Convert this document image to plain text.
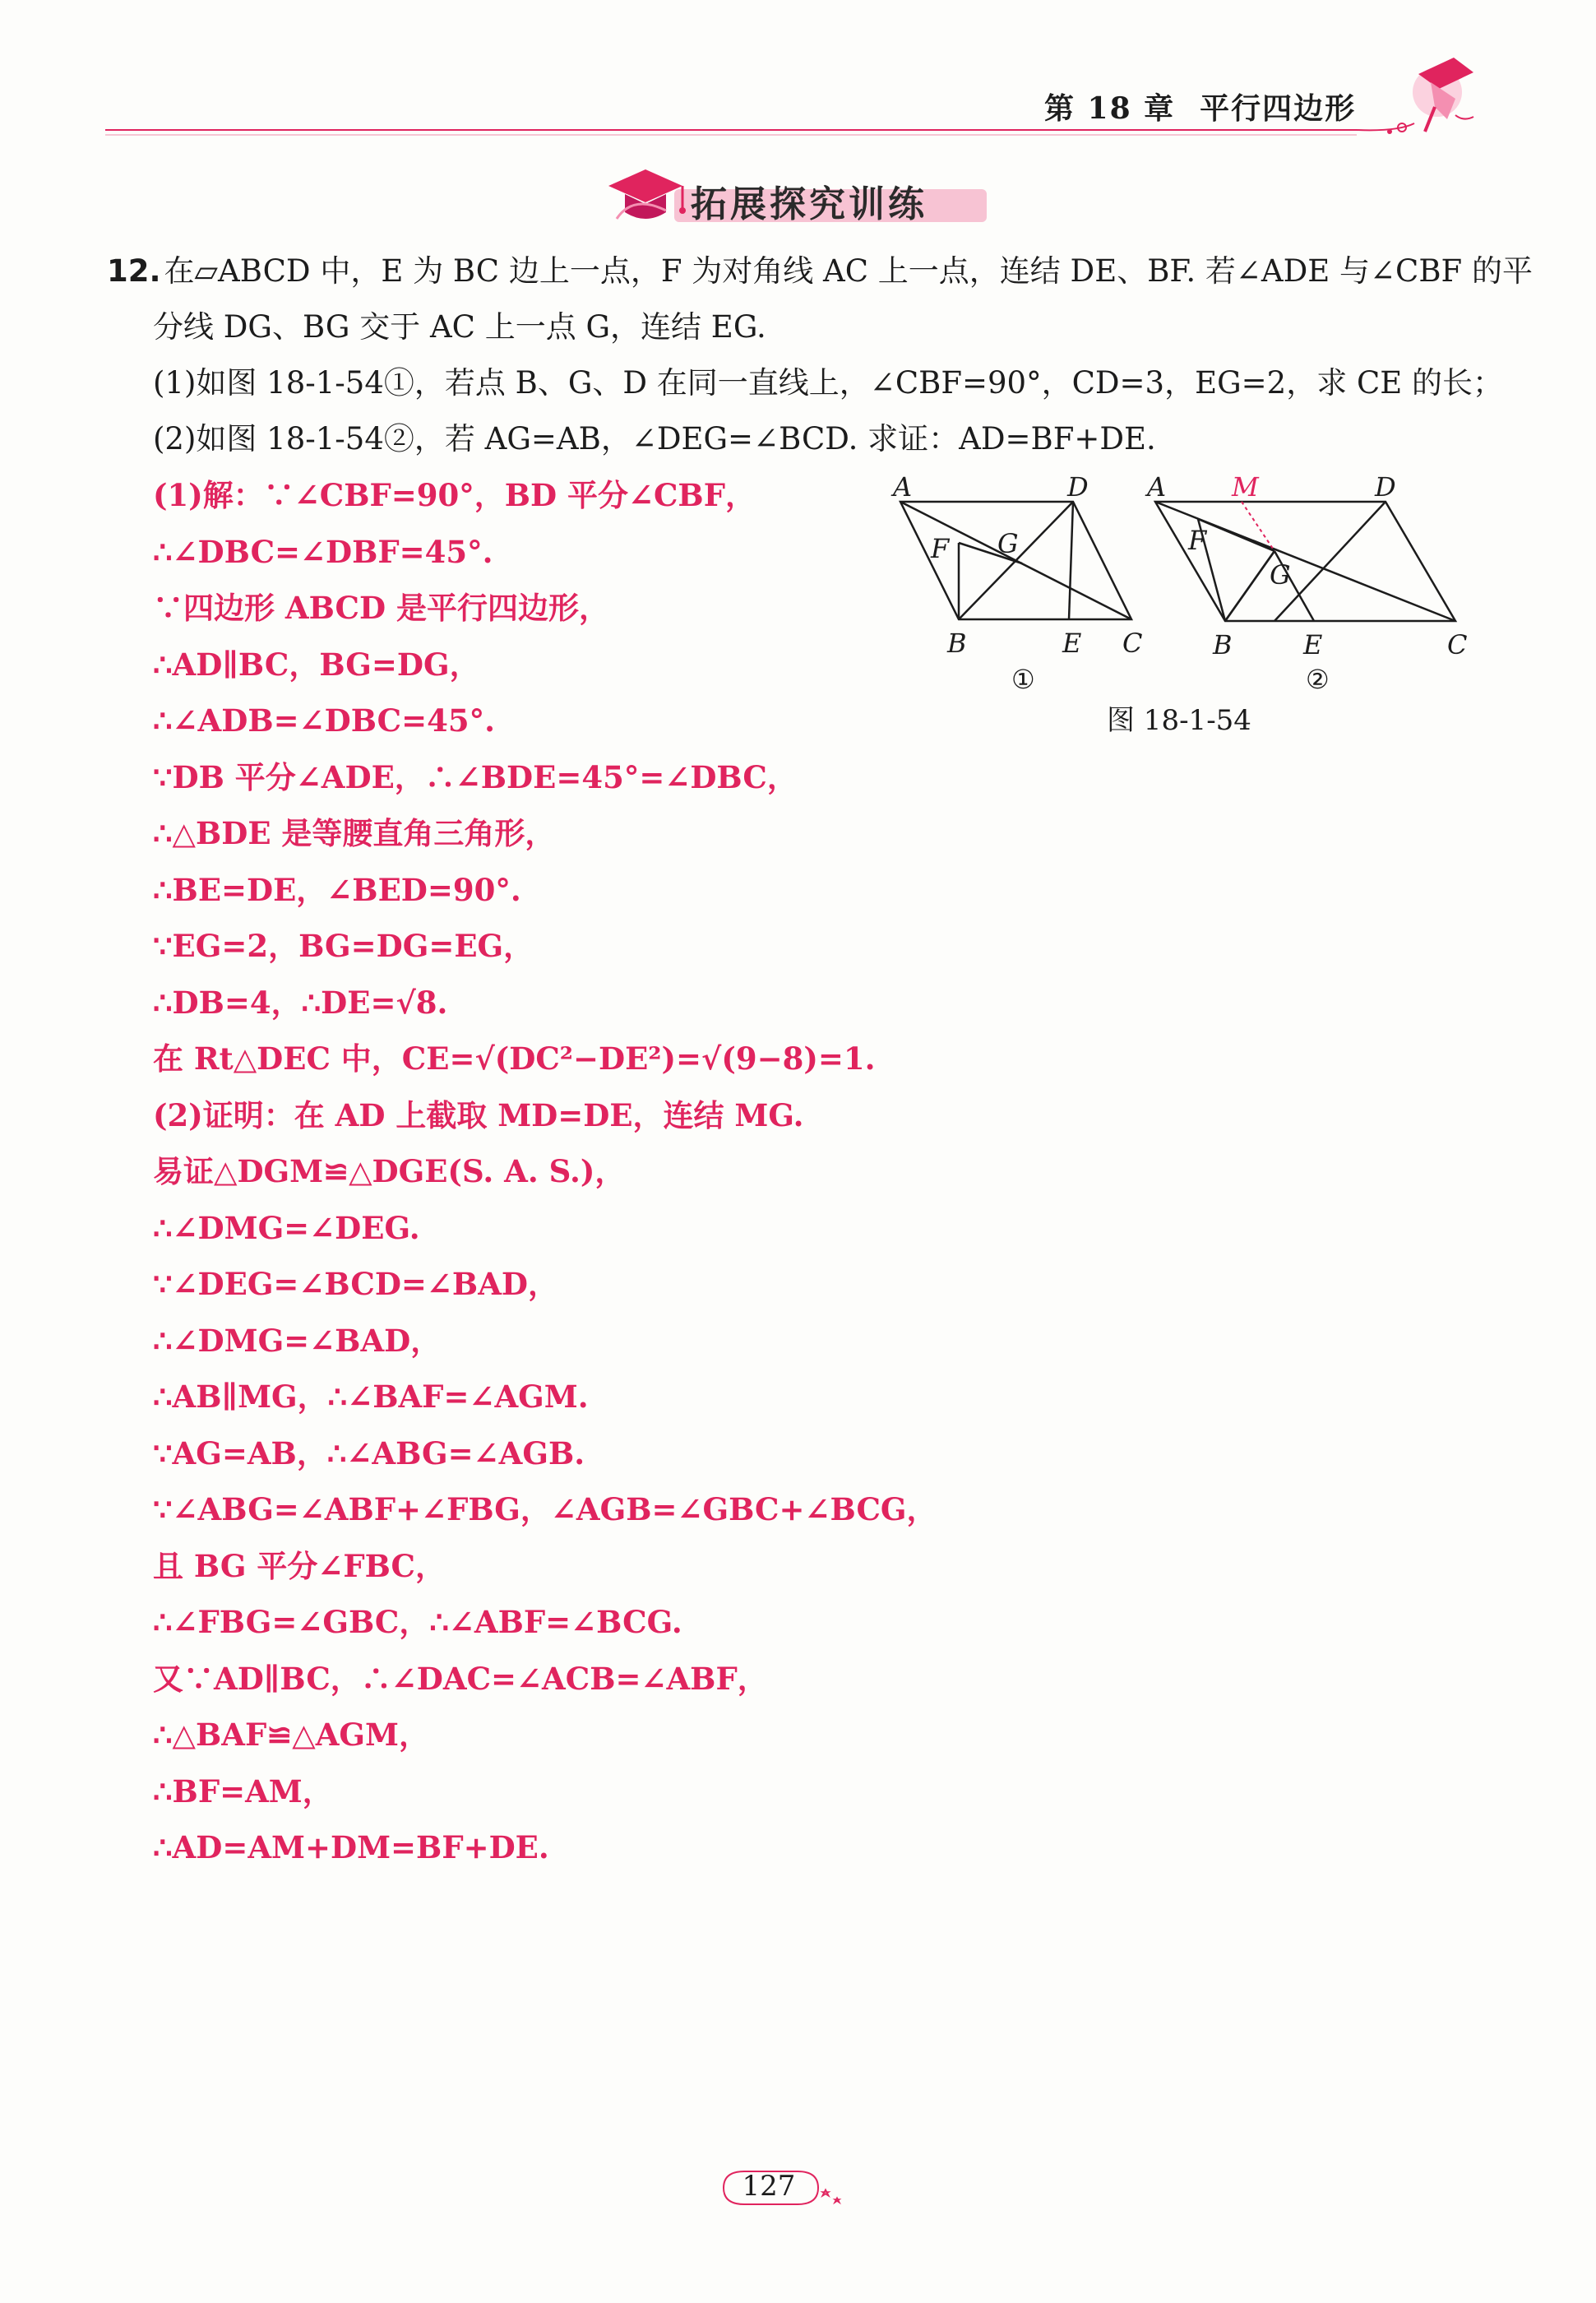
第 18 章 平行四边形
拓展探究训练
12. 在▱ABCD 中，E 为 BC 边上一点，F 为对角线 AC 上一点，连结 DE、BF. 若∠ADE 与∠CBF 的平
分线 DG、BG 交于 AC 上一点 G，连结 EG.
(1)如图 18-1-54①，若点 B、G、D 在同一直线上，∠CBF=90°，CD=3，EG=2，求 CE 的长；
(2)如图 18-1-54②，若 AG=AB，∠DEG=∠BCD. 求证：AD=BF+DE.
(1)解：∵∠CBF=90°，BD 平分∠CBF，
∴∠DBC=∠DBF=45°.
∵四边形 ABCD 是平行四边形，
∴AD∥BC，BG=DG，
∴∠ADB=∠DBC=45°.
∵DB 平分∠ADE，∴∠BDE=45°=∠DBC，
∴△BDE 是等腰直角三角形，
∴BE=DE，∠BED=90°.
∵EG=2，BG=DG=EG，
∴DB=4，∴DE=√8.
在 Rt△DEC 中，CE=√(DC²−DE²)=√(9−8)=1.
(2)证明：在 AD 上截取 MD=DE，连结 MG.
易证△DGM≌△DGE(S. A. S.)，
∴∠DMG=∠DEG.
∵∠DEG=∠BCD=∠BAD，
∴∠DMG=∠BAD，
∴AB∥MG，∴∠BAF=∠AGM.
∵AG=AB，∴∠ABG=∠AGB.
∵∠ABG=∠ABF+∠FBG，∠AGB=∠GBC+∠BCG，
且 BG 平分∠FBC，
∴∠FBG=∠GBC，∴∠ABF=∠BCG.
又∵AD∥BC，∴∠DAC=∠ACB=∠ABF，
∴△BAF≌△AGM，
∴BF=AM，
∴AD=AM+DM=BF+DE.
A	D
F G
B	E C
①
A M	D
F
G
B	E	C
②
图 18-1-54
127
